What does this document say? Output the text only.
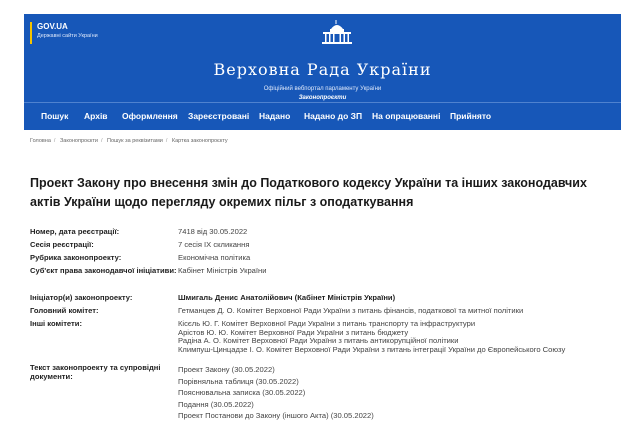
GOV.UA
Державні сайти України
Верховна Рада України
Офіційний вебпортал парламенту України
Законопроєкти
Пошук Архів Оформлення Зареєстровані Надано Надано до ЗП На опрацюванні Прийнято
Головна / Законопроєкти / Пошук за реквізитами / Картка законопроєкту
Проект Закону про внесення змін до Податкового кодексу України та інших законодавчих актів України щодо перегляду окремих пільг з оподаткування
Номер, дата реєстрації:	7418 від 30.05.2022
Сесія реєстрації:	7 сесія IX скликання
Рубрика законопроекту:	Економічна політика
Суб'єкт права законодавчої ініціативи: Кабінет Міністрів України
Ініціатор(и) законопроекту:	Шмигаль Денис Анатолійович (Кабінет Міністрів України)
Головний комітет:	Гетманцев Д. О. Комітет Верховної Ради України з питань фінансів, податкової та митної політики
Інші комітети:	Кісєль Ю. Г. Комітет Верховної Ради України з питань транспорту та інфраструктури
Арістов Ю. Ю. Комітет Верховної Ради України з питань бюджету
Радіна А. О. Комітет Верховної Ради України з питань антикорупційної політики
Климпуш-Цинцадзе І. О. Комітет Верховної Ради України з питань інтеграції України до Європейського Союзу
Текст законопроекту та супровідні документи:
Проект Закону (30.05.2022)
Порівняльна таблиця (30.05.2022)
Пояснювальна записка (30.05.2022)
Подання (30.05.2022)
Проект Постанови до Закону (іншого Акта) (30.05.2022)
